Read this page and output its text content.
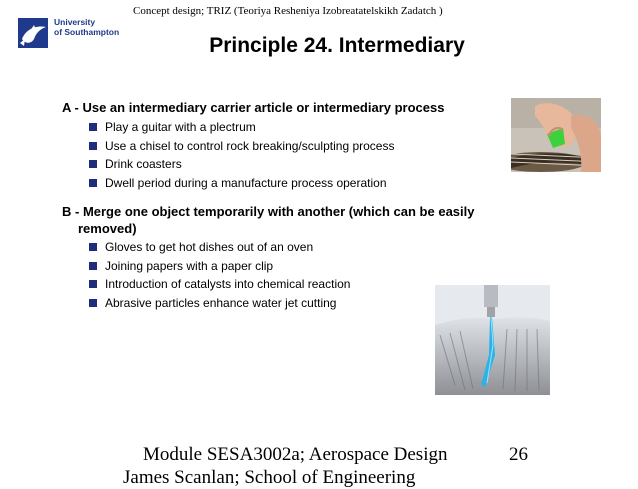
Concept design; TRIZ (Teoriya Resheniya Izobreatatelskikh Zadatch )
University
of Southampton
Principle 24. Intermediary
A - Use an intermediary carrier article or intermediary process
Play a guitar with a plectrum
Use a chisel to control rock breaking/sculpting process
Drink coasters
Dwell period during a manufacture process operation
B - Merge one object temporarily with another (which can be easily
removed)
Gloves to get hot dishes out of an oven
Joining papers with a paper clip
Introduction of catalysts into chemical reaction
Abrasive particles enhance water jet cutting
Module SESA3002a; Aerospace Design
James Scanlan; School of Engineering
26
